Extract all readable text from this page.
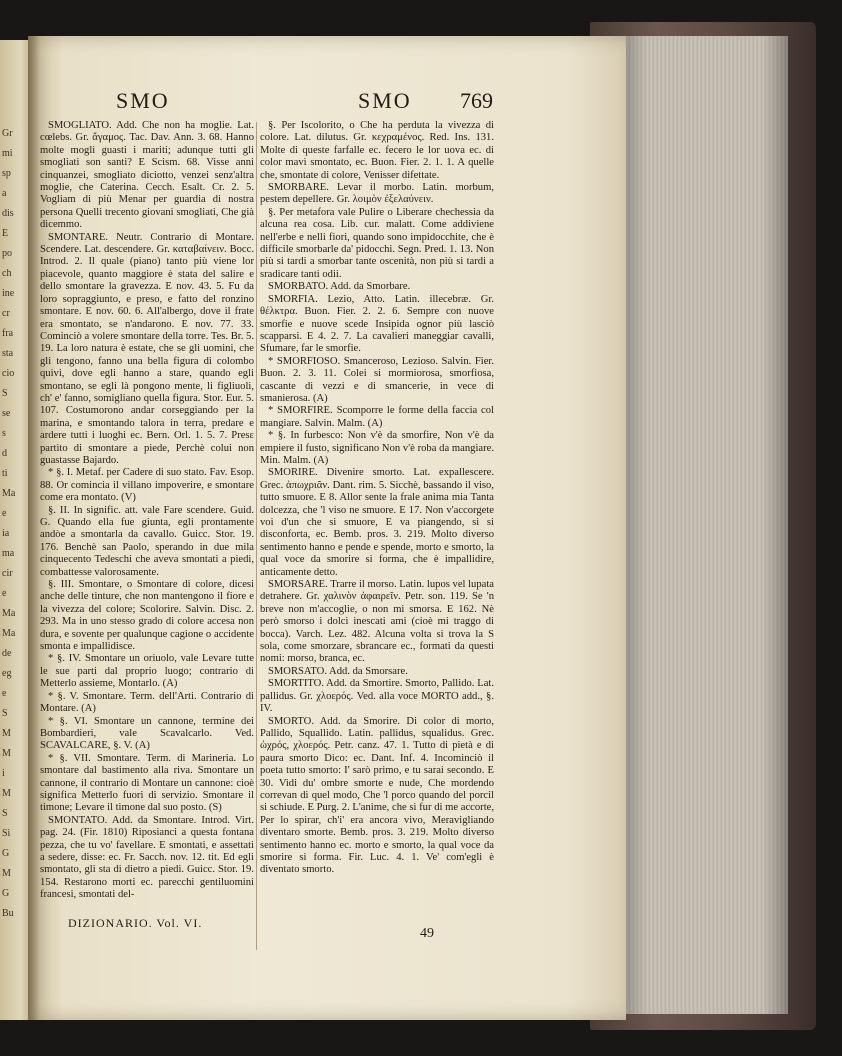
Gr
mi
sp
a
dis
E
po
ch
ine
cr
fra
sta
cio
S
se
s
d
ti
Ma
e
ia
ma
cir
e
Ma
Ma
de
eg
e
S
M
M
i
M
S
Si
G
M
G
Bu
SMO	SMO 769

SMOGLIATO. Add. Che non ha moglie. Lat. cœlebs. Gr. ἄγαμος. Tac. Dav. Ann. 3. 68. Hanno molte mogli guasti i mariti; adunque tutti gli smogliati son santi? E Scism. 68. Visse anni cinquanzei, smogliato diciotto, venzei senz'altra moglie, che Caterina. Cecch. Esalt. Cr. 2. 5. Vogliam di più Menar per guardia di nostra persona Quelli trecento giovani smogliati, Che già dicemmo.

SMONTARE. Neutr. Contrario di Montare. Scendere. Lat. descendere. Gr. καταβαίνειν. Bocc. Introd. 2. Il quale (piano) tanto più viene lor piacevole, quanto maggiore è stata del salire e dello smontare la gravezza. E nov. 43. 5. Fu da loro sopraggiunto, e preso, e fatto del ronzino smontare. E nov. 60. 6. All'albergo, dove il frate era smontato, se n'andarono. E nov. 77. 33. Cominciò a volere smontare della torre. Tes. Br. 5. 19. La loro natura è estate, che se gli uomini, che gli tengono, fanno una bella figura di colombo quivi, dove egli hanno a stare, quando egli smontano, se egli là pongono mente, li figliuoli, ch' e' fanno, somigliano quella figura. Stor. Eur. 5. 107. Costumorono andar corseggiando per la marina, e smontando talora in terra, predare e ardere tutti i luoghi ec. Bern. Orl. 1. 5. 7. Presε partito di smontare a piede, Perchè colui non guastasse Bajardo.

* §. I. Metaf. per Cadere di suo stato. Fav. Esop. 88. Or comincia il villano impoverire, e smontare come era montato. (V)

§. II. In signific. att. vale Fare scendere. Guid. G. Quando ella fue giunta, egli prontamente andòe a smontarla da cavallo. Guicc. Stor. 19. 176. Benchè san Paolo, sperando in due mila cinquecento Tedeschi che aveva smontati a piedi, combattesse valorosamente.

§. III. Smontare, o Smontare di colore, dicesi anche delle tinture, che non mantengono il fiore e la vivezza del colore; Scolorire. Salvin. Disc. 2. 293. Ma in uno stesso grado di colore accesa non dura, e sovente per qualunque cagione o accidente smonta e impallidisce.

* §. IV. Smontare un oriuolo, vale Levare tutte le sue parti dal proprio luogo; contrario di Metterlo assieme, Montarlo. (A)

* §. V. Smontare. Term. dell'Arti. Contrario di Montare. (A)

* §. VI. Smontare un cannone, termine dei Bombardieri, vale Scavalcarlo. Ved. SCAVALCARE, §. V. (A)

* §. VII. Smontare. Term. di Marineria. Lo smontare dal bastimento alla riva. Smontare un cannone, il contrario di Montare un cannone: cioè significa Metterlo fuori di servizio. Smontare il timone; Levare il timone dal suo posto. (S)

SMONTATO. Add. da Smontare. Introd. Virt. pag. 24. (Fir. 1810) Riposianci a questa fontana pezza, che tu vo' favellare. E smontati, e assettati a sedere, disse: ec. Fr. Sacch. nov. 12. tit. Ed egli smontato, gli sta di dietro a piedi. Guicc. Stor. 19. 154. Restarono morti ec. parecchi gentiluomini francesi, smontati del-

§. Per Iscolorito, o Che ha perduta la vivezza di colore. Lat. dilutus. Gr. κεχραμένος. Red. Ins. 131. Molte di queste farfalle ec. fecero le lor uova ec. di color mavì smontato, ec. Buon. Fier. 2. 1. 1. A quelle che, smontate di colore, Venisser difettate.

SMORBARE. Levar il morbo. Latin. morbum, pestem depellere. Gr. λοιμὸν ἐξελαύνειν.

§. Per metafora vale Pulire o Liberare chechessia da alcuna rea cosa. Lib. cur. malatt. Come addiviene nell'erbe e nelli fiori, quando sono impidocchite, che è difficile smorbarle da' pidocchi. Segn. Pred. 1. 13. Non più si tardi a smorbar tante oscenità, non più si tardi a sradicare tanti odii.

SMORBATO. Add. da Smorbare.

SMORFIA. Lezio, Atto. Latin. illecebræ. Gr. θέλκτρα. Buon. Fier. 2. 2. 6. Sempre con nuove smorfie e nuove scede Insipida ognor più lasciò scapparsi. E 4. 2. 7. La cavalieri maneggiar cavalli, Sfumare, far le smorfie.

* SMORFIOSO. Smanceroso, Lezioso. Salvin. Fier. Buon. 2. 3. 11. Colei si mormiorosa, smorfiosa, cascante di vezzi e di smancerie, in vece di smanierosa. (A)

* SMORFIRE. Scomporre le forme della faccia col mangiare. Salvin. Malm. (A)

* §. In furbesco: Non v'è da smorfire, Non v'è da empiere il fusto, significano Non v'è roba da mangiare. Min. Malm. (A)

SMORIRE. Divenire smorto. Lat. expallescere. Grec. ἀπωχριᾶν. Dant. rim. 5. Sicchè, bassando il viso, tutto smuore. E 8. Allor sente la frale anima mia Tanta dolcezza, che 'l viso ne smuore. E 17. Non v'accorgete voi d'un che si smuore, E va piangendo, si si disconforta, ec. Bemb. pros. 3. 219. Molto diverso sentimento hanno e pende e spende, morto e smorto, la qual voce da smorire si forma, che è impallidire, anticamente detto.

SMORSARE. Trarre il morso. Latin. lupos vel lupata detrahere. Gr. χαλινὸν ἀφαιρεῖν. Petr. son. 119. Se 'n breve non m'accoglie, o non mi smorsa. E 162. Nè però smorso i dolci inescati ami (cioè mi traggo di bocca). Varch. Lez. 482. Alcuna volta si trova la S sola, come smorzare, sbrancare ec., formati da questi nomi: morso, branca, ec.

SMORSATO. Add. da Smorsare.

SMORTITO. Add. da Smortire. Smorto, Pallido. Lat. pallidus. Gr. χλοερός. Ved. alla voce MORTO add., §. IV.

SMORTO. Add. da Smorire. Di color di morto, Pallido, Squallido. Latin. pallidus, squalidus. Grec. ὠχρός, χλοερός. Petr. canz. 47. 1. Tutto di pietà e di paura smorto Dico: ec. Dant. Inf. 4. Incominciò il poeta tutto smorto: I' sarò primo, e tu sarai secondo. E 30. Vidi du' ombre smorte e nude, Che mordendo correvan di quel modo, Che 'l porco quando del porcil si schiude. E Purg. 2. L'anime, che si fur di me accorte, Per lo spirar, ch'i' era ancora vivo, Meravigliando diventaro smorte. Bemb. pros. 3. 219. Molto diverso sentimento hanno ec. morto e smorto, la qual voce da smorire si forma. Fir. Luc. 4. 1. Ve' com'egli è diventato smorto.

DIZIONARIO. Vol. VI.
49
